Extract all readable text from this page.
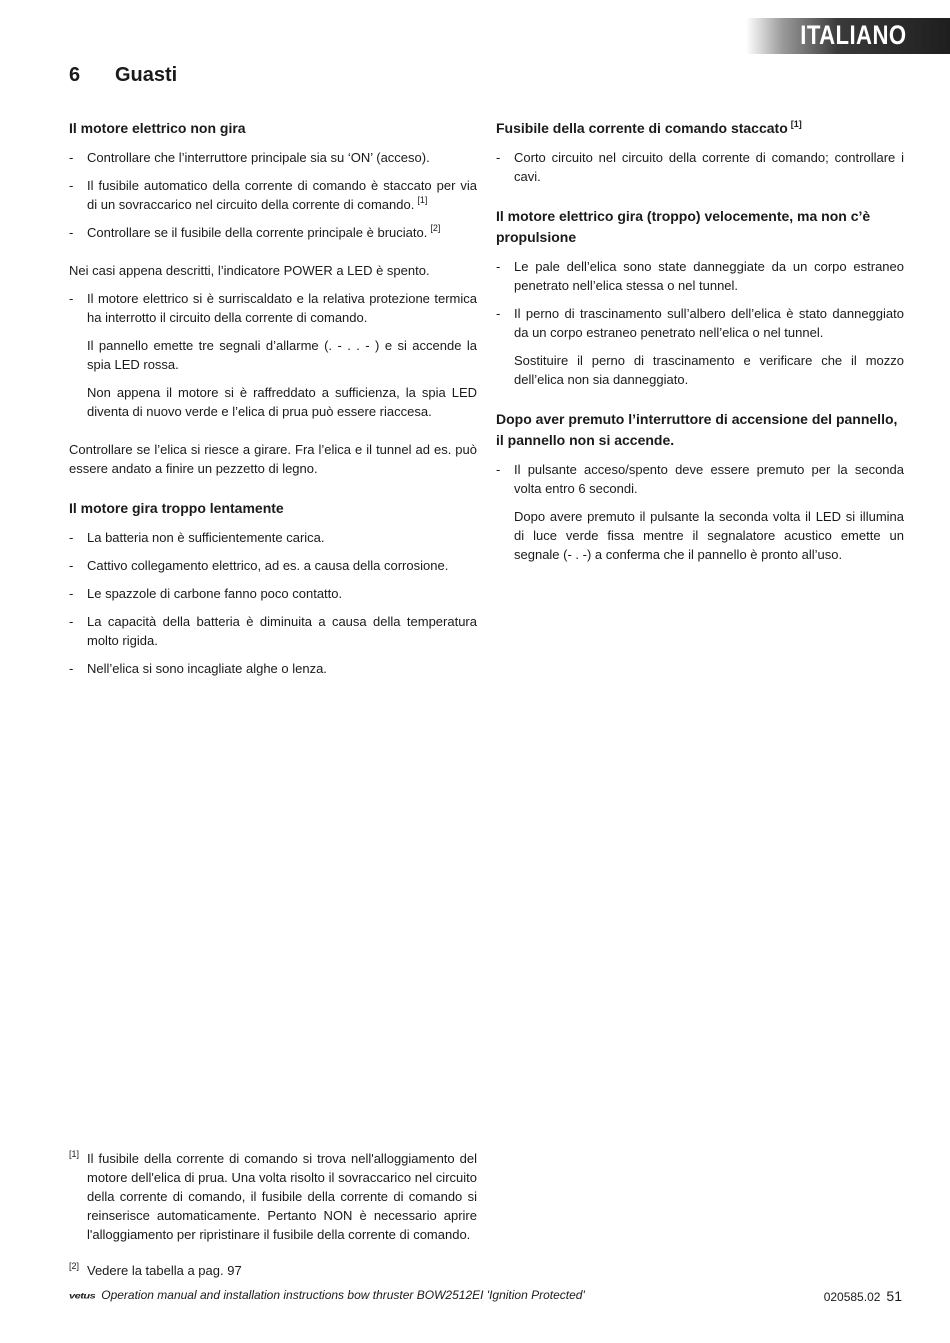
ITALIANO
6 Guasti
Il motore elettrico non gira
- Controllare che l’interruttore principale sia su ‘ON’ (acceso).
- Il fusibile automatico della corrente di comando è staccato per via di un sovraccarico nel circuito della corrente di comando. [1]
- Controllare se il fusibile della corrente principale è bruciato. [2]

Nei casi appena descritti, l’indicatore POWER a LED è spento.

- Il motore elettrico si è surriscaldato e la relativa protezione termica ha interrotto il circuito della corrente di comando.

Il pannello emette tre segnali d’allarme (. - . . - ) e si accende la spia LED rossa.

Non appena il motore si è raffreddato a sufficienza, la spia LED diventa di nuovo verde e l’elica di prua può essere riaccesa.

Controllare se l’elica si riesce a girare. Fra l’elica e il tunnel ad es. può essere andato a finire un pezzetto di legno.

Il motore gira troppo lentamente
- La batteria non è sufficientemente carica.
- Cattivo collegamento elettrico, ad es. a causa della corrosione.
- Le spazzole di carbone fanno poco contatto.
- La capacità della batteria è diminuita a causa della temperatura molto rigida.
- Nell’elica si sono incagliate alghe o lenza.
Fusibile della corrente di comando staccato [1]
- Corto circuito nel circuito della corrente di comando; controllare i cavi.
Il motore elettrico gira (troppo) velocemente, ma non c’è propulsione
- Le pale dell’elica sono state danneggiate da un corpo estraneo penetrato nell’elica stessa o nel tunnel.
- Il perno di trascinamento sull’albero dell’elica è stato danneggiato da un corpo estraneo penetrato nell’elica o nel tunnel.

Sostituire il perno di trascinamento e verificare che il mozzo dell’elica non sia danneggiato.

Dopo aver premuto l’interruttore di accensione del pannello, il pannello non si accende.
- Il pulsante acceso/spento deve essere premuto per la seconda volta entro 6 secondi.

Dopo avere premuto il pulsante la seconda volta il LED si illumina di luce verde fissa mentre il segnalatore acustico emette un segnale (- . -) a conferma che il pannello è pronto all’uso.

[1] Il fusibile della corrente di comando si trova nell'alloggiamento del motore dell'elica di prua. Una volta risolto il sovraccarico nel circuito della corrente di comando, il fusibile della corrente di comando si reinserisce automaticamente. Pertanto NON è necessario aprire l'alloggiamento per ripristinare il fusibile della corrente di comando.
[2] Vedere la tabella a pag. 97
vetus Operation manual and installation instructions bow thruster BOW2512EI 'Ignition Protected'	020585.02 51
